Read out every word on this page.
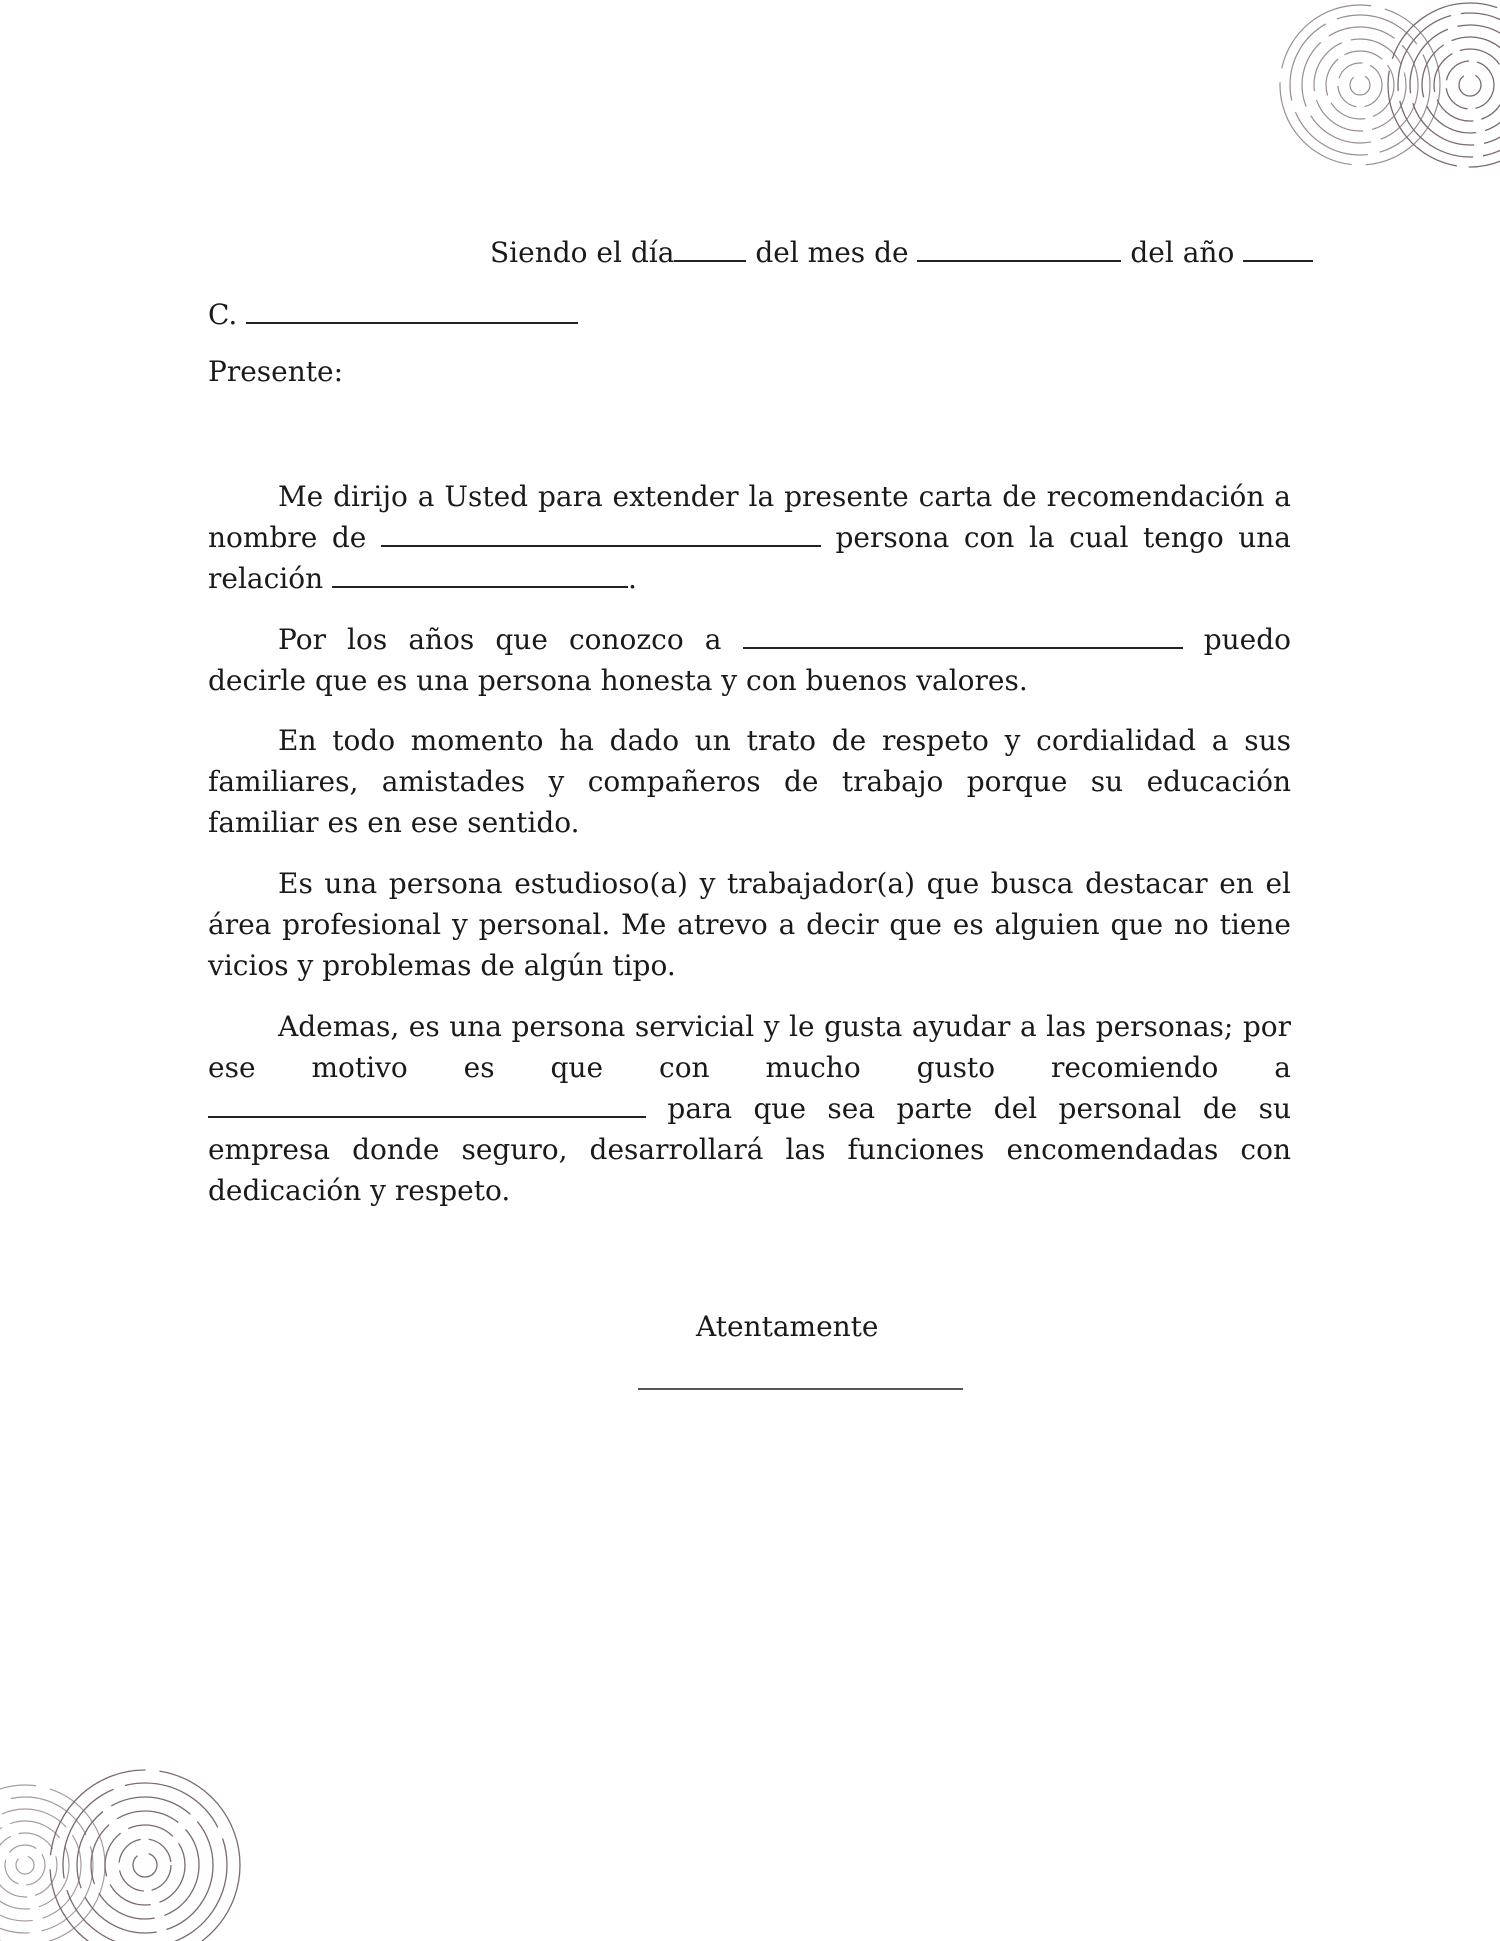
Siendo el día	del mes de	del año
C.
Presente:
Me dirijo a Usted para extender la presente carta de recomendación a nombre de	persona con la cual tengo una relación	.
Por los años que conozco a	puedo decirle que es una persona honesta y con buenos valores.
En todo momento ha dado un trato de respeto y cordialidad a sus familiares, amistades y compañeros de trabajo porque su educación familiar es en ese sentido.
Es una persona estudioso(a) y trabajador(a) que busca destacar en el área profesional y personal. Me atrevo a decir que es alguien que no tiene vicios y problemas de algún tipo.
Ademas, es una persona servicial y le gusta ayudar a las personas; por ese motivo es que con mucho gusto recomiendo a  para que sea parte del personal de su empresa donde seguro, desarrollará las funciones encomendadas con dedicación y respeto.
Atentamente
